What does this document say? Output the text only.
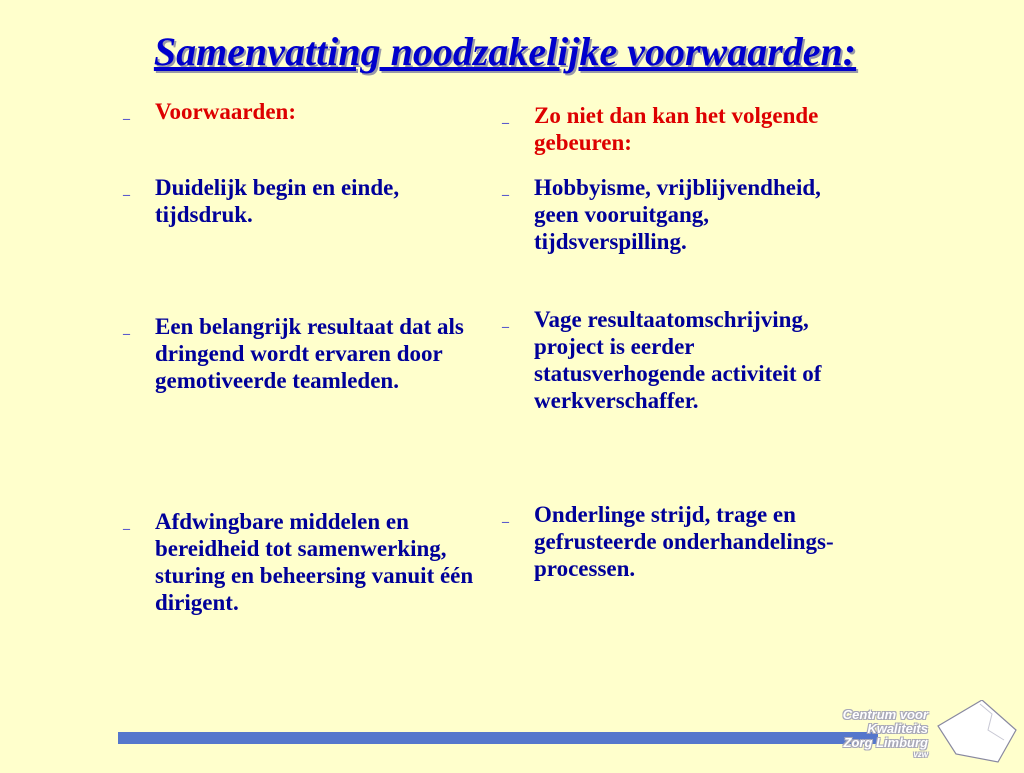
Samenvatting noodzakelijke voorwaarden:
_ Voorwaarden:
_ Duidelijk begin en einde, tijdsdruk.
_ Een belangrijk resultaat dat als dringend wordt ervaren door gemotiveerde teamleden.
_ Afdwingbare middelen en bereidheid tot samenwerking, sturing en beheersing vanuit één dirigent.
_ Zo niet dan kan het volgende gebeuren:
_ Hobbyisme, vrijblijvendheid, geen vooruitgang, tijdsverspilling.
_ Vage resultaatomschrijving, project is eerder statusverhogende activiteit of werkverschaffer.
_ Onderlinge strijd, trage en gefrusteerde onderhandelings-processen.
Centrum voor
Kwaliteits
Zorg Limburg
vzw
